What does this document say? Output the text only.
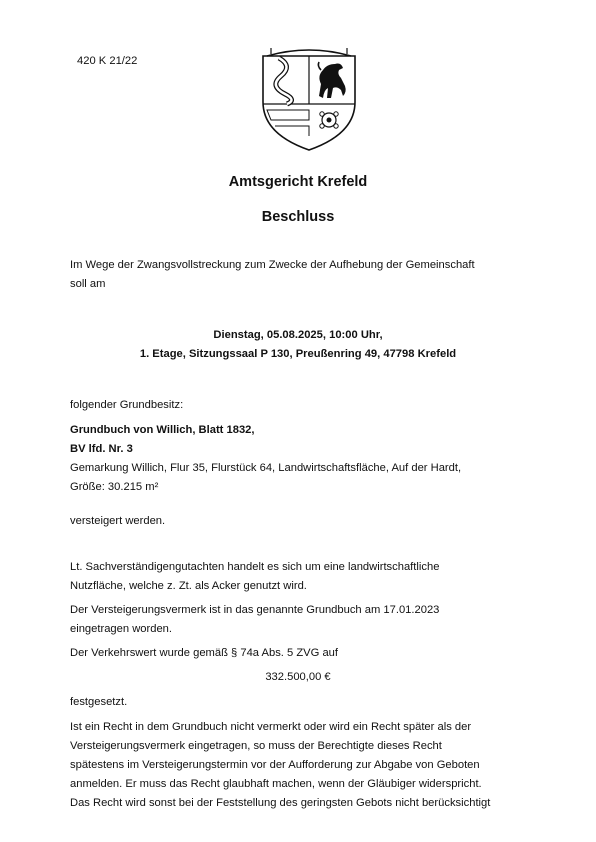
420 K 21/22
Amtsgericht Krefeld
Beschluss
Im Wege der Zwangsvollstreckung zum Zwecke der Aufhebung der Gemeinschaft
soll am
Dienstag, 05.08.2025, 10:00 Uhr,
1. Etage, Sitzungssaal P 130, Preußenring 49, 47798 Krefeld
folgender Grundbesitz:
Grundbuch von Willich, Blatt 1832,
BV lfd. Nr. 3
Gemarkung Willich, Flur 35, Flurstück 64, Landwirtschaftsfläche, Auf der Hardt,
Größe: 30.215 m²
versteigert werden.
Lt. Sachverständigengutachten handelt es sich um eine landwirtschaftliche
Nutzfläche, welche z. Zt. als Acker genutzt wird.
Der Versteigerungsvermerk ist in das genannte Grundbuch am 17.01.2023
eingetragen worden.
Der Verkehrswert wurde gemäß § 74a Abs. 5 ZVG auf
332.500,00 €
festgesetzt.
Ist ein Recht in dem Grundbuch nicht vermerkt oder wird ein Recht später als der
Versteigerungsvermerk eingetragen, so muss der Berechtigte dieses Recht
spätestens im Versteigerungstermin vor der Aufforderung zur Abgabe von Geboten
anmelden. Er muss das Recht glaubhaft machen, wenn der Gläubiger widerspricht.
Das Recht wird sonst bei der Feststellung des geringsten Gebots nicht berücksichtigt
